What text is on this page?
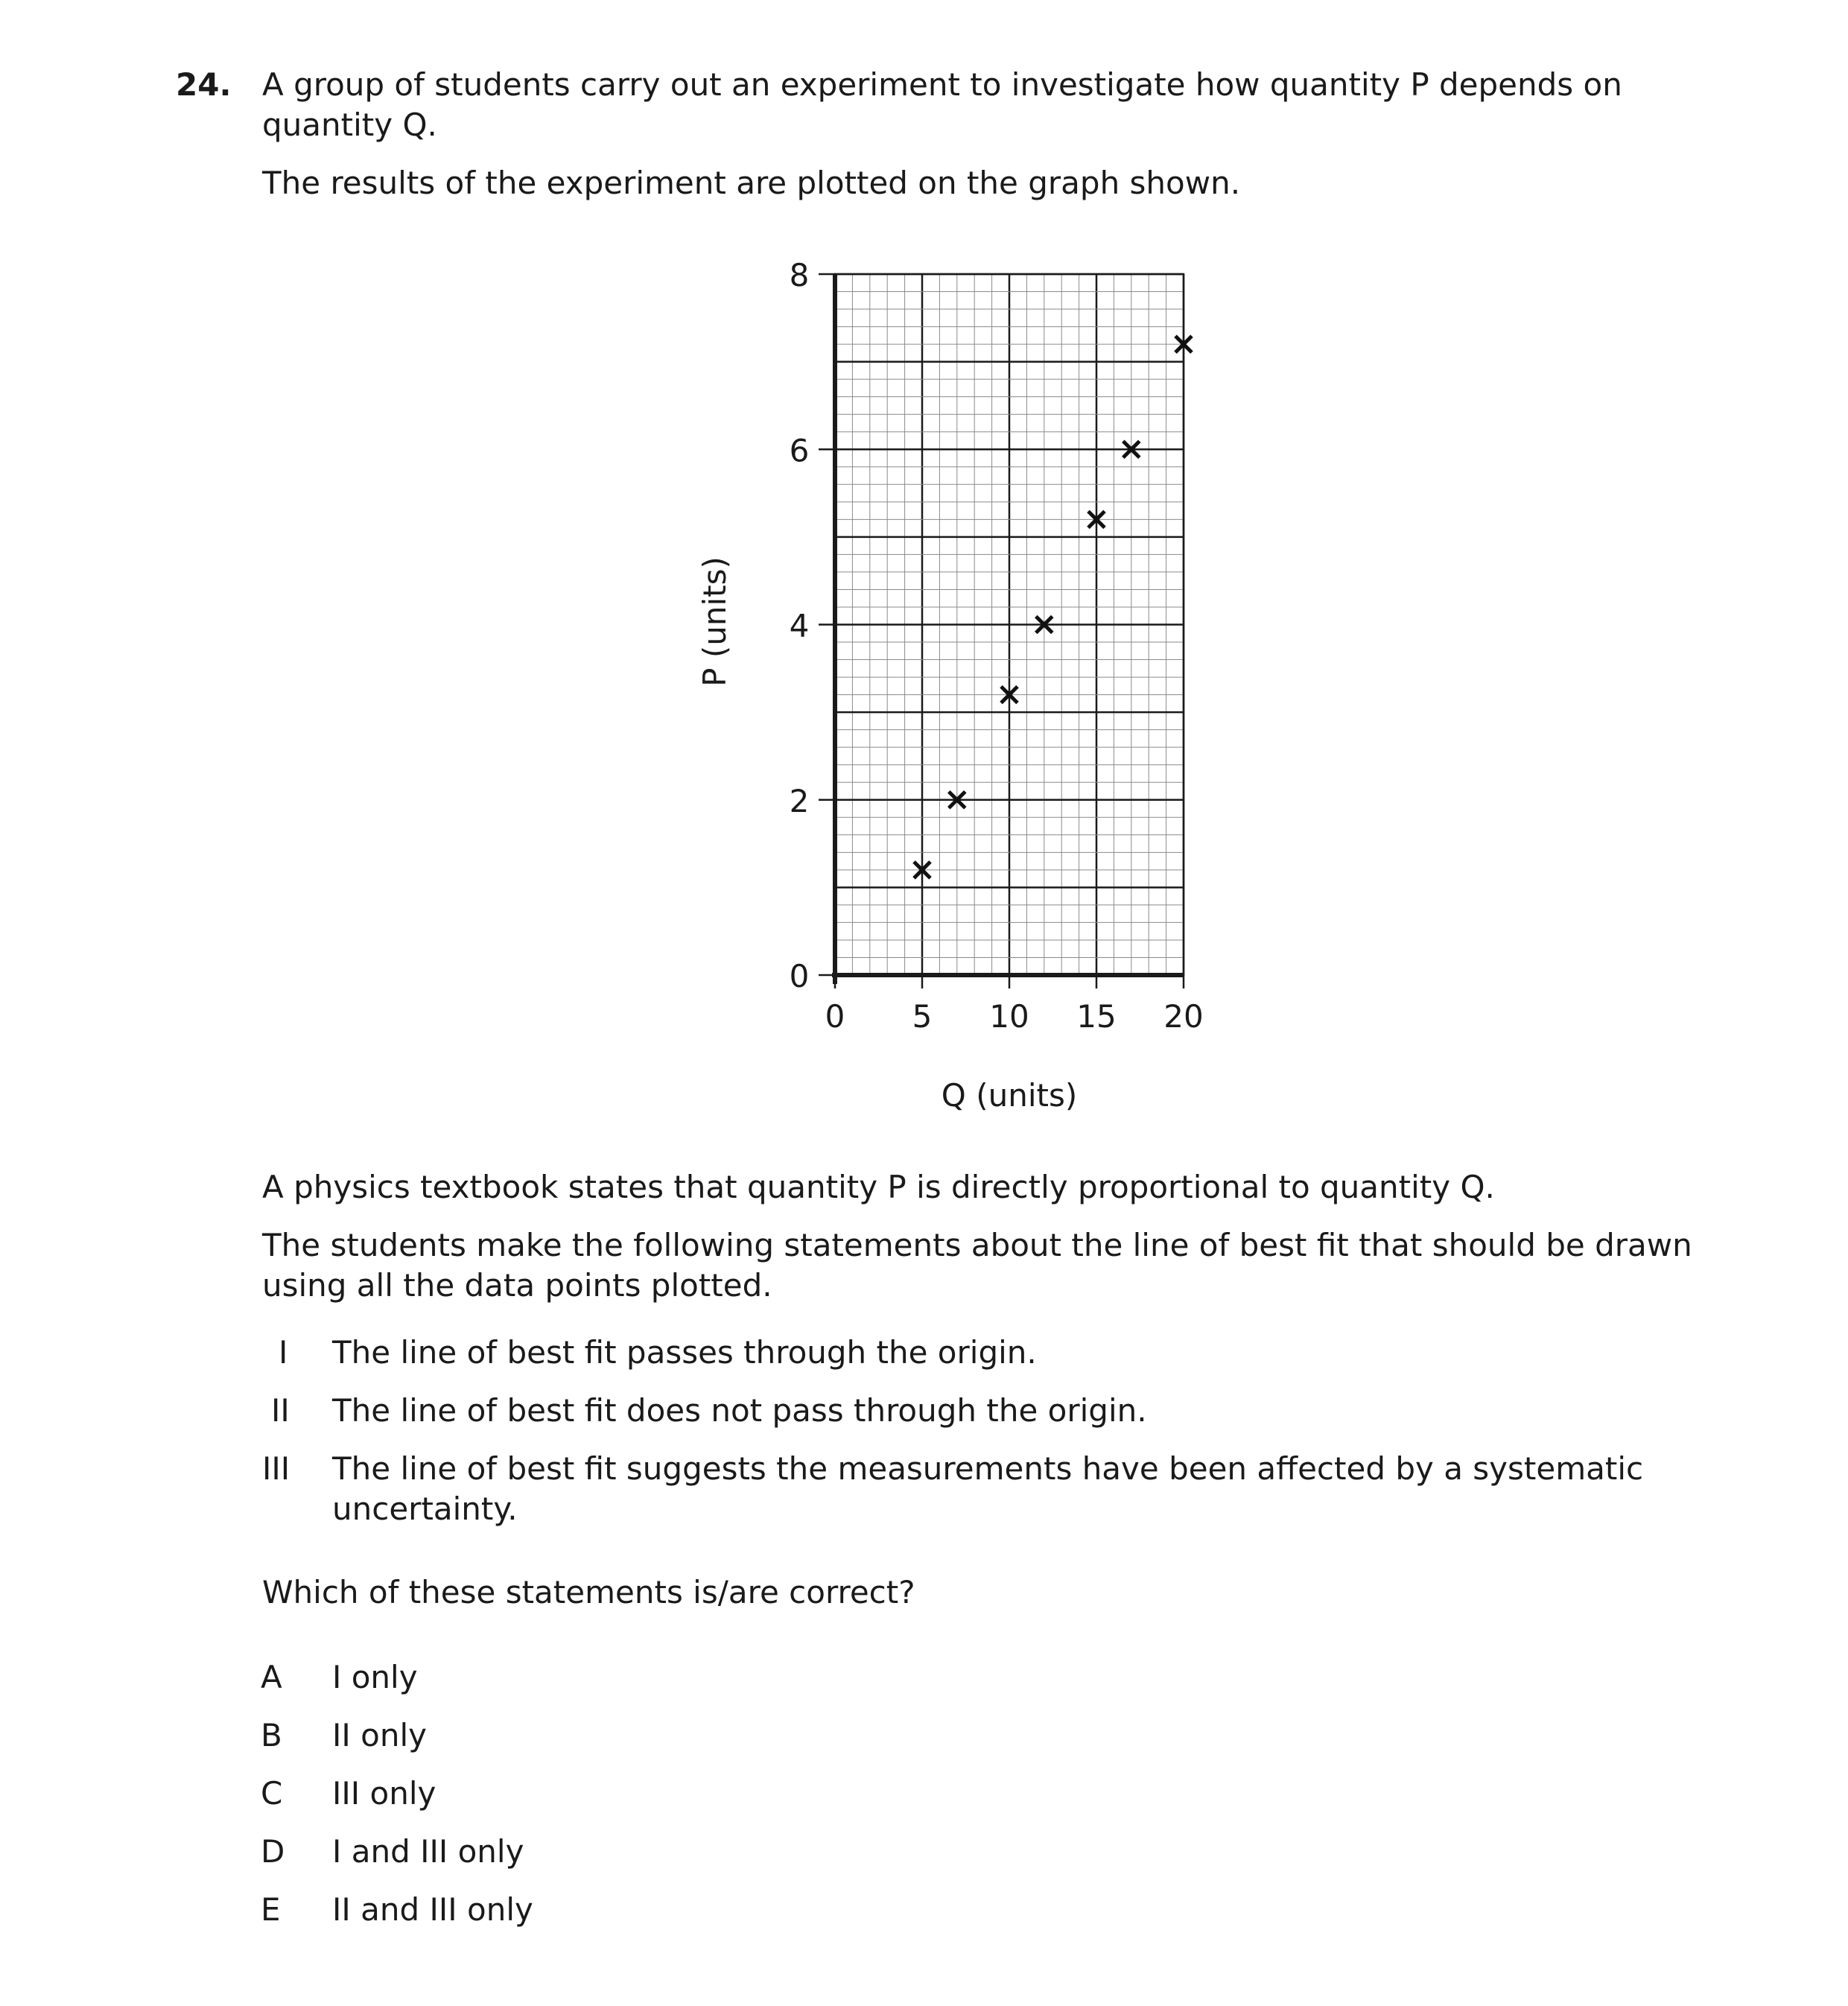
24. A group of students carry out an experiment to investigate how quantity P depends on
quantity Q.
The results of the experiment are plotted on the graph shown.
0 5 10 15 20
0
2
4
6
8
Q (units)
P (units)
A physics textbook states that quantity P is directly proportional to quantity Q.
The students make the following statements about the line of best fit that should be drawn
using all the data points plotted.
I The line of best fit passes through the origin.
II The line of best fit does not pass through the origin.
III The line of best fit suggests the measurements have been affected by a systematic
uncertainty.
Which of these statements is/are correct?
A I only
B II only
C III only
D I and III only
E II and III only
